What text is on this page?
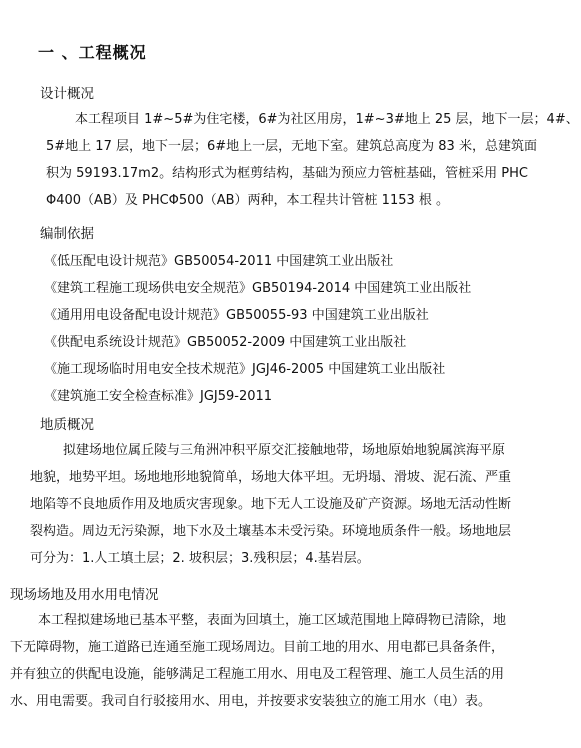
一 、工程概况
设计概况
本工程项目 1#~5#为住宅楼，6#为社区用房，1#~3#地上 25 层，地下一层；4#、
5#地上 17 层，地下一层；6#地上一层，无地下室。建筑总高度为 83 米，总建筑面
积为 59193.17m2。结构形式为框剪结构，基础为预应力管桩基础，管桩采用 PHC
Φ400（AB）及 PHCΦ500（AB）两种，本工程共计管桩 1153 根 。
编制依据
《低压配电设计规范》GB50054-2011 中国建筑工业出版社
《建筑工程施工现场供电安全规范》GB50194-2014 中国建筑工业出版社
《通用用电设备配电设计规范》GB50055-93 中国建筑工业出版社
《供配电系统设计规范》GB50052-2009 中国建筑工业出版社
《施工现场临时用电安全技术规范》JGJ46-2005 中国建筑工业出版社
《建筑施工安全检查标准》JGJ59-2011
地质概况
拟建场地位属丘陵与三角洲冲积平原交汇接触地带，场地原始地貌属滨海平原
地貌，地势平坦。场地地形地貌简单，场地大体平坦。无坍塌、滑坡、泥石流、严重
地陷等不良地质作用及地质灾害现象。地下无人工设施及矿产资源。场地无活动性断
裂构造。周边无污染源，地下水及土壤基本未受污染。环境地质条件一般。场地地层
可分为：1.人工填土层；2. 坡积层；3.残积层；4.基岩层。
现场场地及用水用电情况
本工程拟建场地已基本平整，表面为回填土，施工区域范围地上障碍物已清除，地
下无障碍物，施工道路已连通至施工现场周边。目前工地的用水、用电都已具备条件，
并有独立的供配电设施，能够满足工程施工用水、用电及工程管理、施工人员生活的用
水、用电需要。我司自行驳接用水、用电，并按要求安装独立的施工用水（电）表。
